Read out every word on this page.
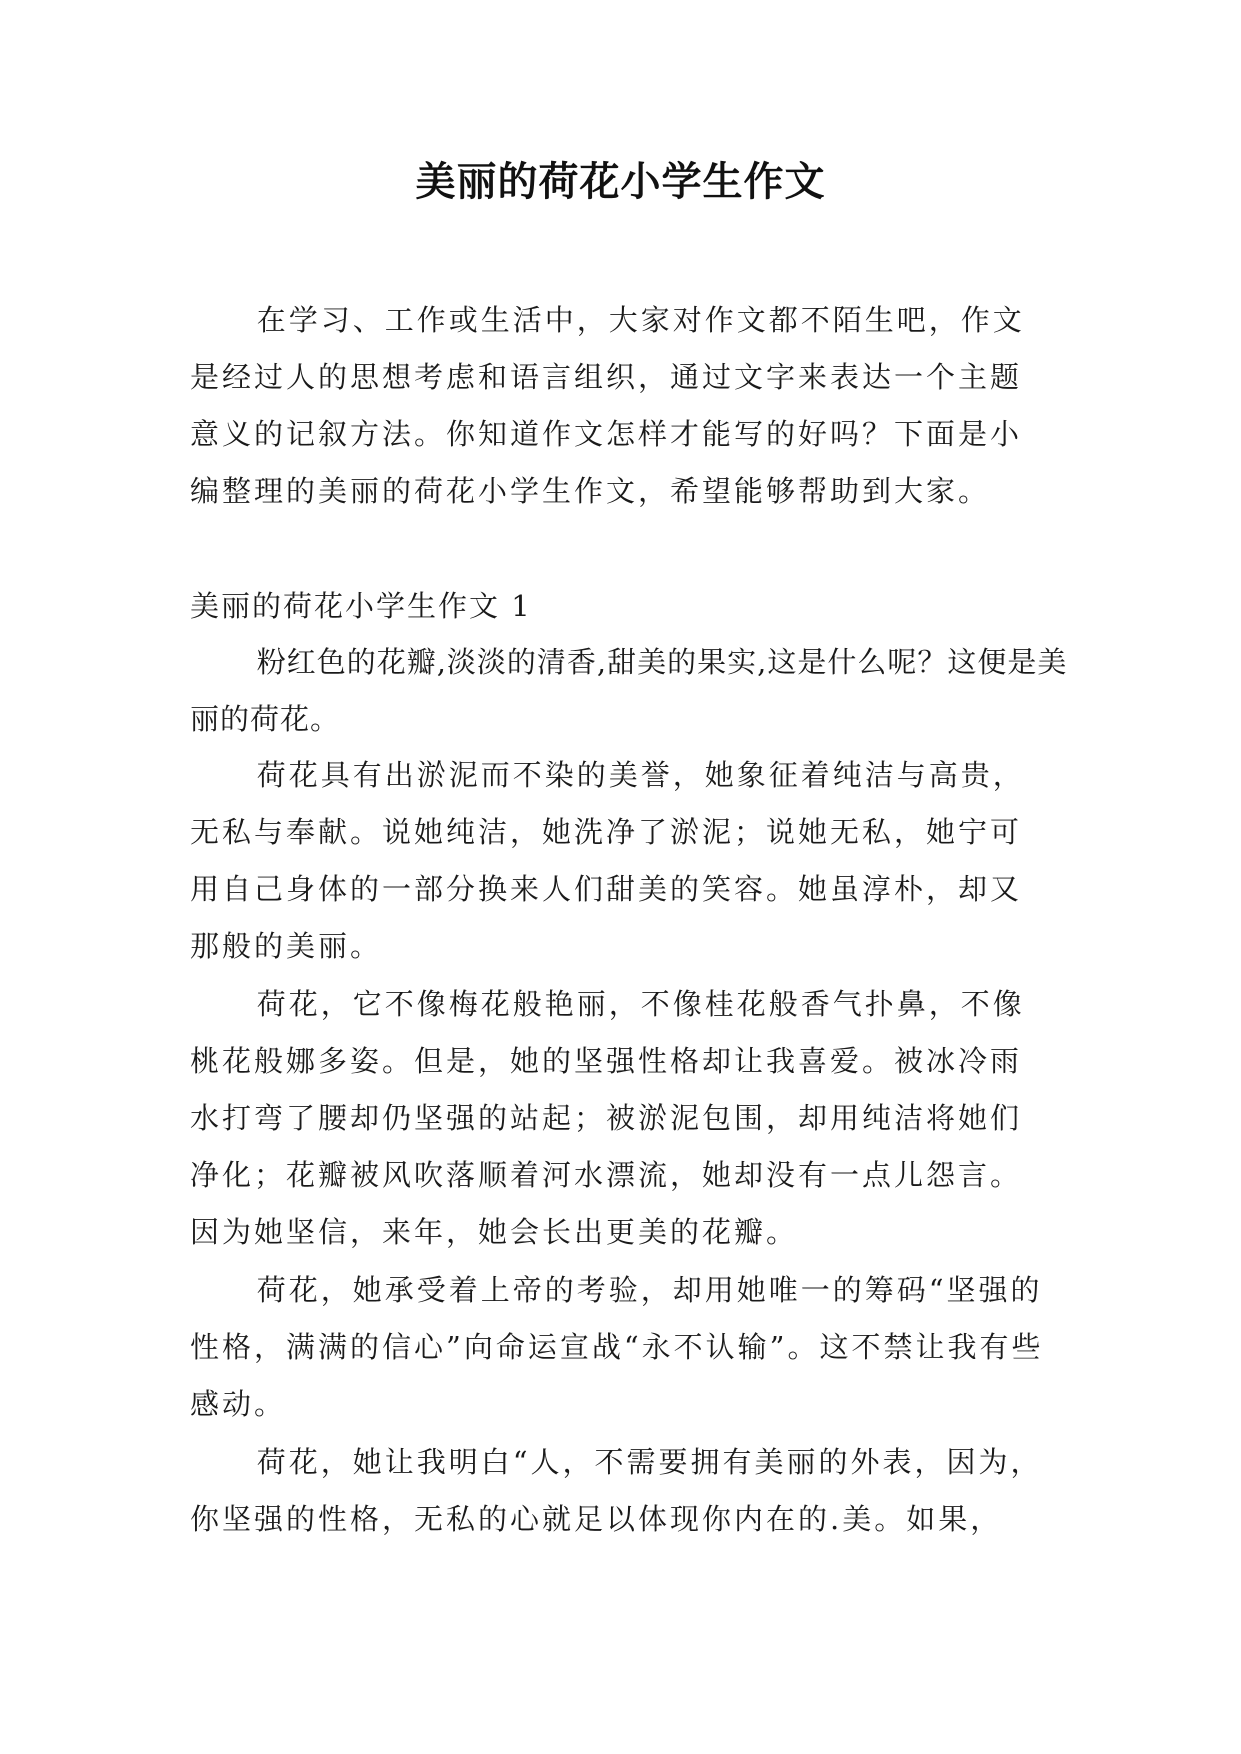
美丽的荷花小学生作文

在学习、工作或生活中，大家对作文都不陌生吧，作文是经过人的思想考虑和语言组织，通过文字来表达一个主题意义的记叙方法。你知道作文怎样才能写的好吗？下面是小编整理的美丽的荷花小学生作文，希望能够帮助到大家。

美丽的荷花小学生作文 1

粉红色的花瓣,淡淡的清香,甜美的果实,这是什么呢？这便是美丽的荷花。

荷花具有出淤泥而不染的美誉，她象征着纯洁与高贵，无私与奉献。说她纯洁，她洗净了淤泥；说她无私，她宁可用自己身体的一部分换来人们甜美的笑容。她虽淳朴，却又那般的美丽。

荷花，它不像梅花般艳丽，不像桂花般香气扑鼻，不像桃花般娜多姿。但是，她的坚强性格却让我喜爱。被冰冷雨水打弯了腰却仍坚强的站起；被淤泥包围，却用纯洁将她们净化；花瓣被风吹落顺着河水漂流，她却没有一点儿怨言。因为她坚信，来年，她会长出更美的花瓣。

荷花，她承受着上帝的考验，却用她唯一的筹码“坚强的性格，满满的信心”向命运宣战“永不认输”。这不禁让我有些感动。

荷花，她让我明白“人，不需要拥有美丽的外表，因为，你坚强的性格，无私的心就足以体现你内在的.美。如果，
